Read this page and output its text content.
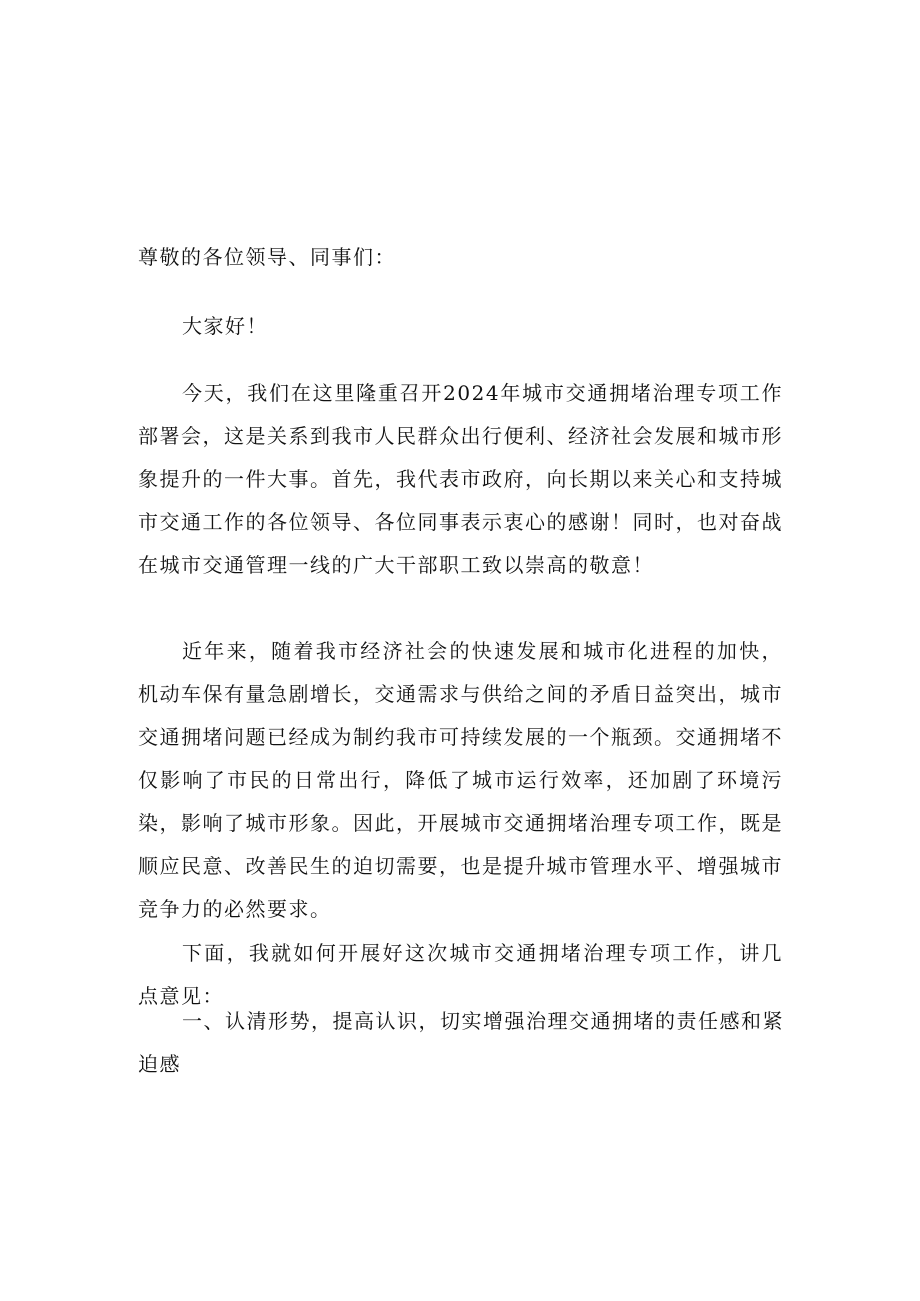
尊敬的各位领导、同事们：

大家好！

今天，我们在这里隆重召开2024年城市交通拥堵治理专项工作部署会，这是关系到我市人民群众出行便利、经济社会发展和城市形象提升的一件大事。首先，我代表市政府，向长期以来关心和支持城市交通工作的各位领导、各位同事表示衷心的感谢！同时，也对奋战在城市交通管理一线的广大干部职工致以崇高的敬意！

近年来，随着我市经济社会的快速发展和城市化进程的加快，机动车保有量急剧增长，交通需求与供给之间的矛盾日益突出，城市交通拥堵问题已经成为制约我市可持续发展的一个瓶颈。交通拥堵不仅影响了市民的日常出行，降低了城市运行效率，还加剧了环境污染，影响了城市形象。因此，开展城市交通拥堵治理专项工作，既是顺应民意、改善民生的迫切需要，也是提升城市管理水平、增强城市竞争力的必然要求。

下面，我就如何开展好这次城市交通拥堵治理专项工作，讲几点意见：

一、认清形势，提高认识，切实增强治理交通拥堵的责任感和紧
迫感
